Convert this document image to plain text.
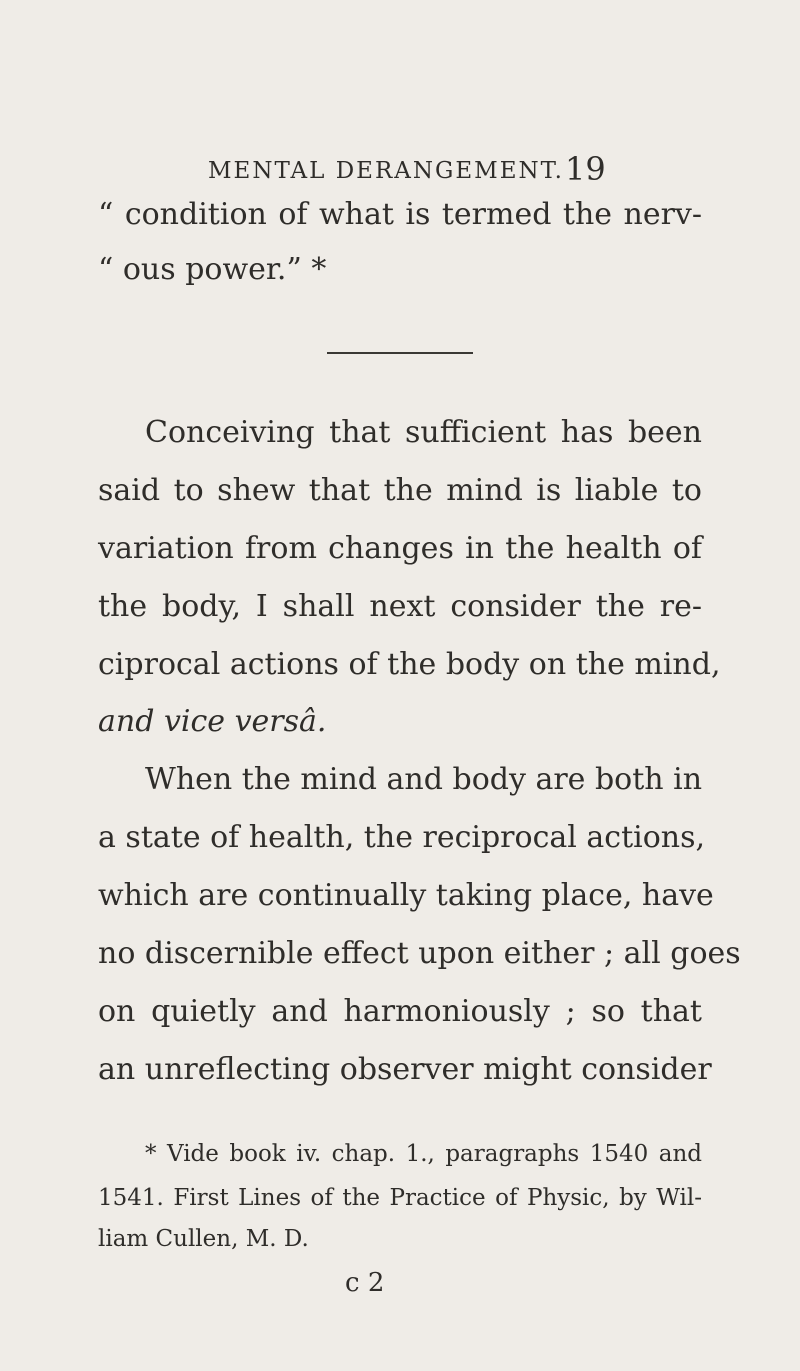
MENTAL DERANGEMENT. 19
“ condition of what is termed the nerv-
“ ous power.” *
Conceiving that sufficient has been
said to shew that the mind is liable to
variation from changes in the health of
the body, I shall next consider the re-
ciprocal actions of the body on the mind,
and vice versâ.
When the mind and body are both in
a state of health, the reciprocal actions,
which are continually taking place, have
no discernible effect upon either ; all goes
on quietly and harmoniously ; so that
an unreflecting observer might consider
* Vide book iv. chap. 1., paragraphs 1540 and
1541. First Lines of the Practice of Physic, by Wil-
liam Cullen, M. D.
c 2
